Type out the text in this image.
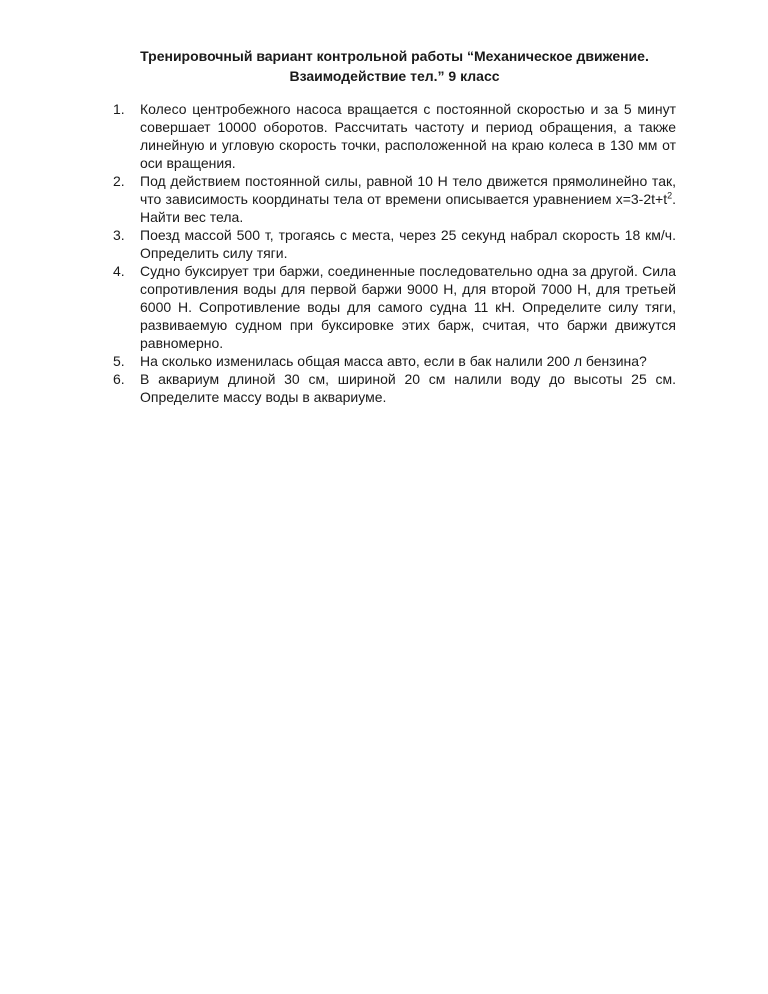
Тренировочный вариант контрольной работы “Механическое движение.
Взаимодействие тел.” 9 класс
1.	Колесо центробежного насоса вращается с постоянной скоростью и за 5 минут совершает 10000 оборотов. Рассчитать частоту и период обращения, а также линейную и угловую скорость точки, расположенной на краю колеса в 130 мм от оси вращения.
2.	Под действием постоянной силы, равной 10 Н тело движется прямолинейно так, что зависимость координаты тела от времени описывается уравнением $x=3-2t+t^2$. Найти вес тела.
3.	Поезд массой 500 т, трогаясь с места, через 25 секунд набрал скорость 18 км/ч. Определить силу тяги.
4.	Судно буксирует три баржи, соединенные последовательно одна за другой. Сила сопротивления воды для первой баржи 9000 Н, для второй 7000 Н, для третьей 6000 Н. Сопротивление воды для самого судна 11 кН. Определите силу тяги, развиваемую судном при буксировке этих барж, считая, что баржи движутся равномерно.
5.	На сколько изменилась общая масса авто, если в бак налили 200 л бензина?
6.	В аквариум длиной 30 см, шириной 20 см налили воду до высоты 25 см. Определите массу воды в аквариуме.
